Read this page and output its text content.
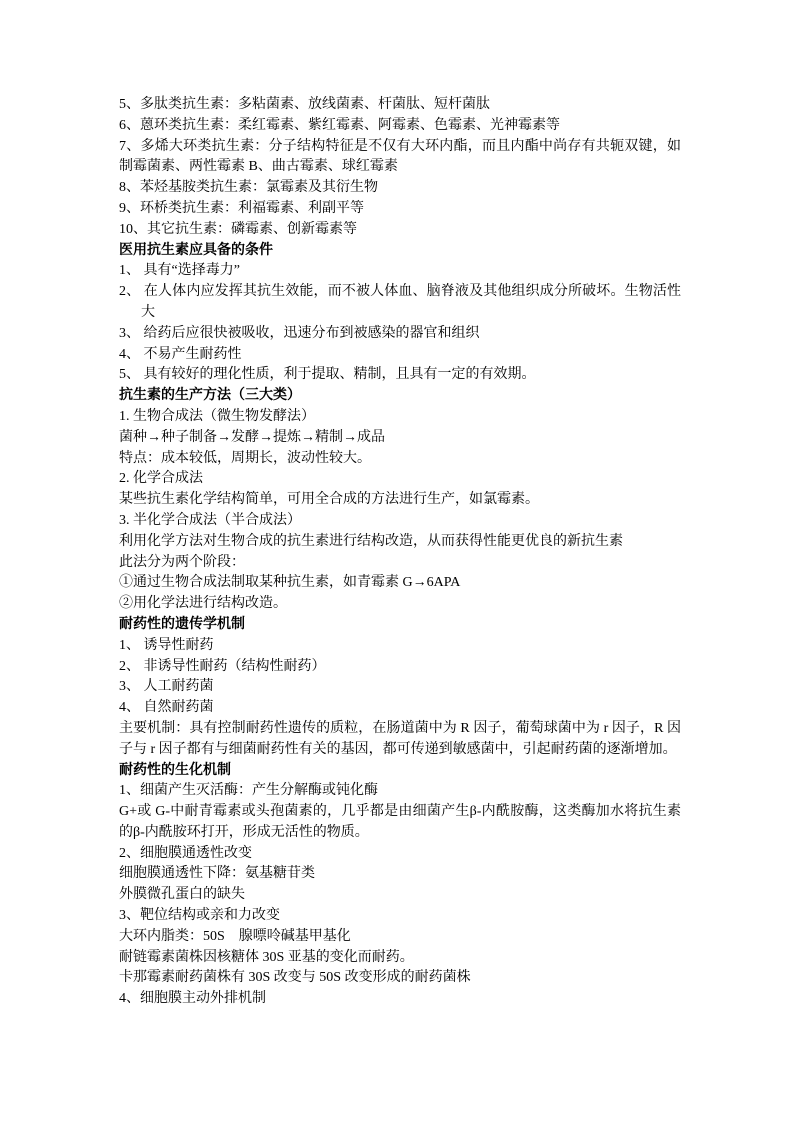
5、多肽类抗生素：多粘菌素、放线菌素、杆菌肽、短杆菌肽
6、蒽环类抗生素：柔红霉素、紫红霉素、阿霉素、色霉素、光神霉素等
7、多烯大环类抗生素：分子结构特征是不仅有大环内酯，而且内酯中尚存有共轭双键，如
制霉菌素、两性霉素 B、曲古霉素、球红霉素
8、苯烃基胺类抗生素：氯霉素及其衍生物
9、环桥类抗生素：利福霉素、利副平等
10、其它抗生素：磷霉素、创新霉素等
医用抗生素应具备的条件
1、 具有“选择毒力”
2、 在人体内应发挥其抗生效能，而不被人体血、脑脊液及其他组织成分所破坏。生物活性
大
3、 给药后应很快被吸收，迅速分布到被感染的器官和组织
4、 不易产生耐药性
5、 具有较好的理化性质，利于提取、精制，且具有一定的有效期。
抗生素的生产方法（三大类）
1. 生物合成法（微生物发酵法）
菌种→种子制备→发酵→提炼→精制→成品
特点：成本较低，周期长，波动性较大。
2. 化学合成法
某些抗生素化学结构简单，可用全合成的方法进行生产，如氯霉素。
3. 半化学合成法（半合成法）
利用化学方法对生物合成的抗生素进行结构改造，从而获得性能更优良的新抗生素
此法分为两个阶段：
①通过生物合成法制取某种抗生素，如青霉素 G→6APA
②用化学法进行结构改造。
耐药性的遗传学机制
1、 诱导性耐药
2、 非诱导性耐药（结构性耐药）
3、 人工耐药菌
4、 自然耐药菌
主要机制：具有控制耐药性遗传的质粒，在肠道菌中为 R 因子，葡萄球菌中为 r 因子，R 因
子与 r 因子都有与细菌耐药性有关的基因，都可传递到敏感菌中，引起耐药菌的逐渐增加。
耐药性的生化机制
1、细菌产生灭活酶：产生分解酶或钝化酶
G+或 G-中耐青霉素或头孢菌素的，几乎都是由细菌产生β-内酰胺酶，这类酶加水将抗生素
的β-内酰胺环打开，形成无活性的物质。
2、细胞膜通透性改变
细胞膜通透性下降：氨基糖苷类
外膜微孔蛋白的缺失
3、靶位结构或亲和力改变
大环内脂类：50S　腺嘌呤碱基甲基化
耐链霉素菌株因核糖体 30S 亚基的变化而耐药。
卡那霉素耐药菌株有 30S 改变与 50S 改变形成的耐药菌株
4、细胞膜主动外排机制
